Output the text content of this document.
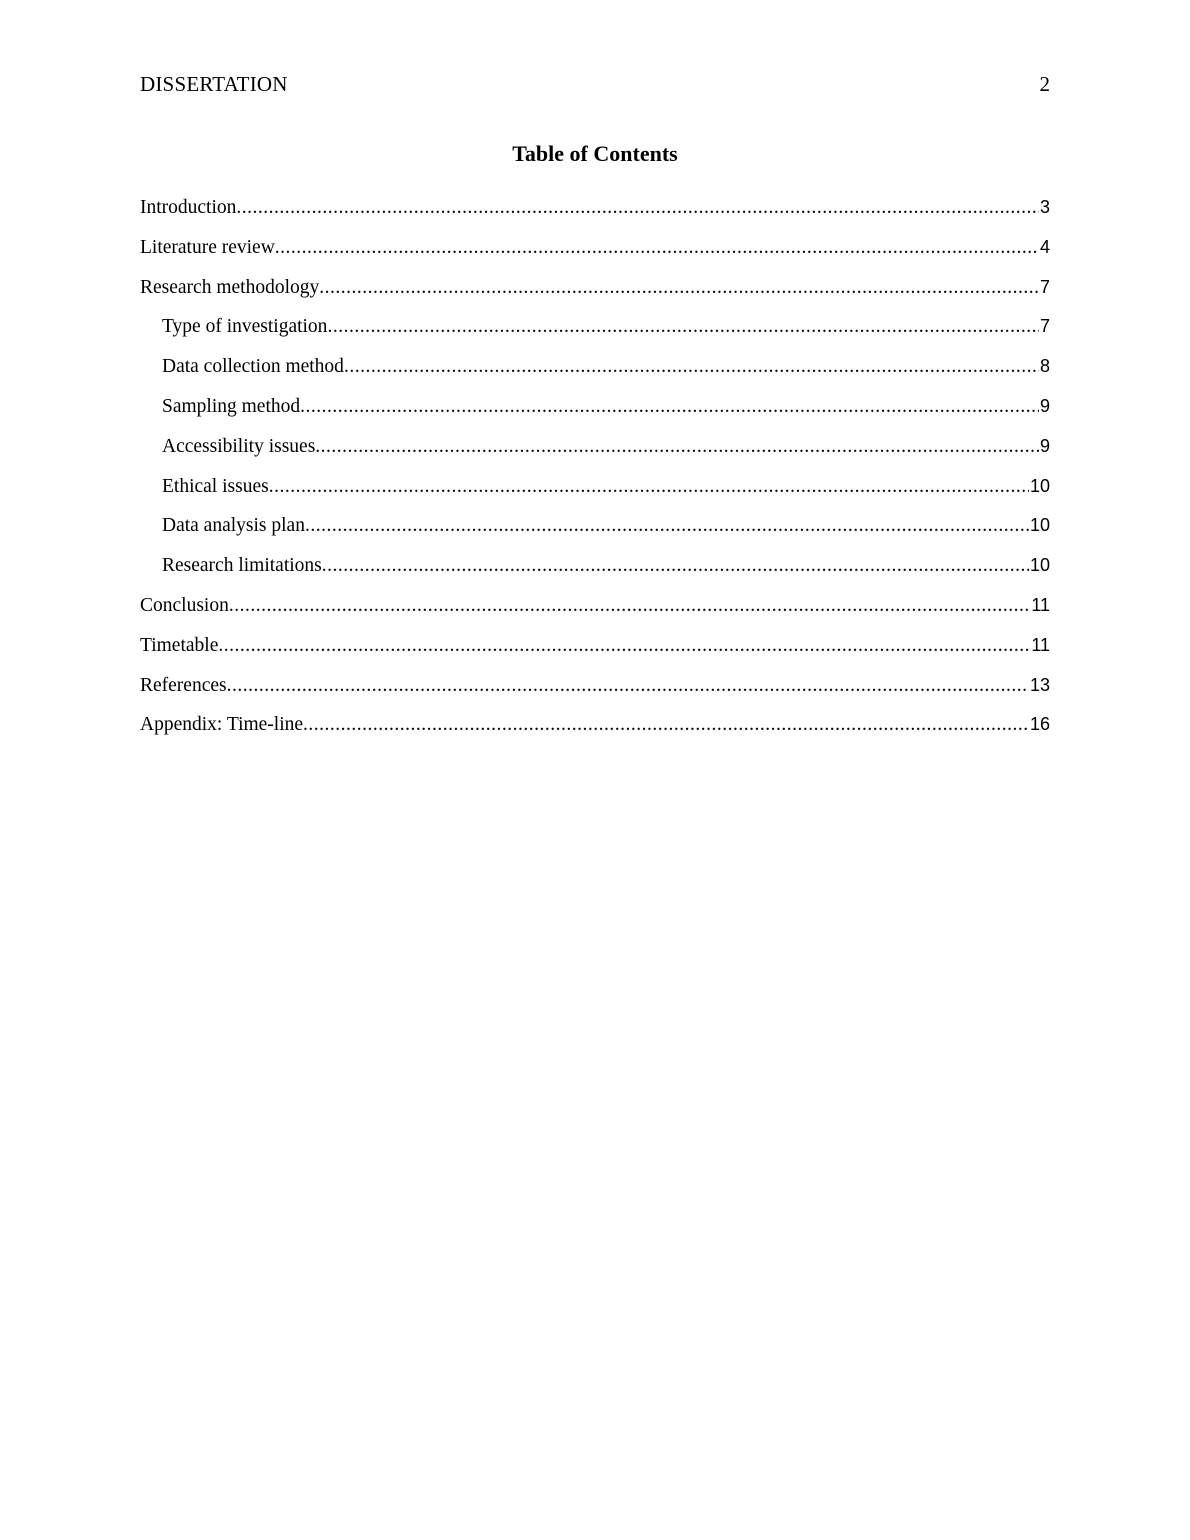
DISSERTATION	2
Table of Contents
Introduction .....	3
Literature review .....	4
Research methodology .....	7
Type of investigation .....	7
Data collection method .....	8
Sampling method .....	9
Accessibility issues .....	9
Ethical issues .....	10
Data analysis plan .....	10
Research limitations .....	10
Conclusion .....	11
Timetable .....	11
References .....	13
Appendix: Time-line .....	16
